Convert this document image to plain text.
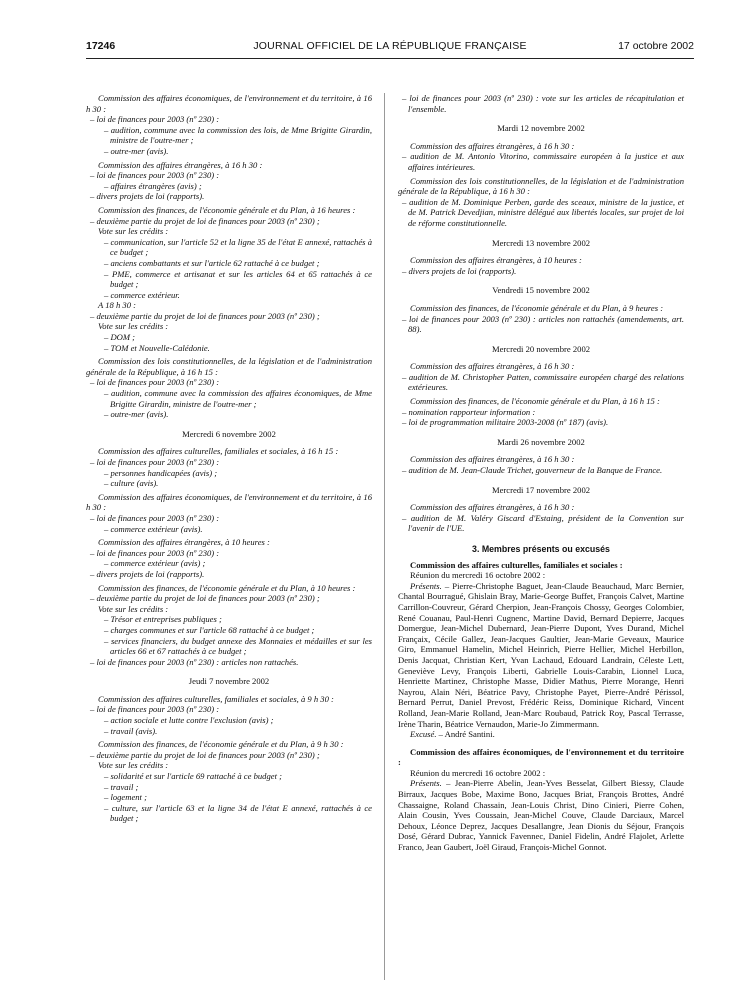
17246	JOURNAL OFFICIEL DE LA RÉPUBLIQUE FRANÇAISE	17 octobre 2002

Commission des affaires économiques, de l'environnement et du territoire, à 16 h 30 :

– loi de finances pour 2003 (nº 230) :

– audition, commune avec la commission des lois, de Mme Brigitte Girardin, ministre de l'outre-mer ;

– outre-mer (avis).

Commission des affaires étrangères, à 16 h 30 :

– loi de finances pour 2003 (nº 230) :

– affaires étrangères (avis) ;

– divers projets de loi (rapports).

Commission des finances, de l'économie générale et du Plan, à 16 heures :

– deuxième partie du projet de loi de finances pour 2003 (nº 230) ;

Vote sur les crédits :

– communication, sur l'article 52 et la ligne 35 de l'état E annexé, rattachés à ce budget ;

– anciens combattants et sur l'article 62 rattaché à ce budget ;

– PME, commerce et artisanat et sur les articles 64 et 65 rattachés à ce budget ;

– commerce extérieur.

A 18 h 30 :

– deuxième partie du projet de loi de finances pour 2003 (nº 230) ;

Vote sur les crédits :

– DOM ;

– TOM et Nouvelle-Calédonie.

Commission des lois constitutionnelles, de la législation et de l'administration générale de la République, à 16 h 15 :

– loi de finances pour 2003 (nº 230) :

– audition, commune avec la commission des affaires économiques, de Mme Brigitte Girardin, ministre de l'outre-mer ;

– outre-mer (avis).

Mercredi 6 novembre 2002

Commission des affaires culturelles, familiales et sociales, à 16 h 15 :

– loi de finances pour 2003 (nº 230) :

– personnes handicapées (avis) ;

– culture (avis).

Commission des affaires économiques, de l'environnement et du territoire, à 16 h 30 :

– loi de finances pour 2003 (nº 230) :

– commerce extérieur (avis).

Commission des affaires étrangères, à 10 heures :

– loi de finances pour 2003 (nº 230) :

– commerce extérieur (avis) ;

– divers projets de loi (rapports).

Commission des finances, de l'économie générale et du Plan, à 10 heures :

– deuxième partie du projet de loi de finances pour 2003 (nº 230) ;

Vote sur les crédits :

– Trésor et entreprises publiques ;

– charges communes et sur l'article 68 rattaché à ce budget ;

– services financiers, du budget annexe des Monnaies et médailles et sur les articles 66 et 67 rattachés à ce budget ;

– loi de finances pour 2003 (nº 230) : articles non rattachés.

Jeudi 7 novembre 2002

Commission des affaires culturelles, familiales et sociales, à 9 h 30 :

– loi de finances pour 2003 (nº 230) :

– action sociale et lutte contre l'exclusion (avis) ;

– travail (avis).

Commission des finances, de l'économie générale et du Plan, à 9 h 30 :

– deuxième partie du projet de loi de finances pour 2003 (nº 230) ;

Vote sur les crédits :

– solidarité et sur l'article 69 rattaché à ce budget ;

– travail ;

– logement ;

– culture, sur l'article 63 et la ligne 34 de l'état E annexé, rattachés à ce budget ;

– loi de finances pour 2003 (nº 230) : vote sur les articles de récapitulation et l'ensemble.

Mardi 12 novembre 2002

Commission des affaires étrangères, à 16 h 30 :

– audition de M. Antonio Vitorino, commissaire européen à la justice et aux affaires intérieures.

Commission des lois constitutionnelles, de la législation et de l'administration générale de la République, à 16 h 30 :

– audition de M. Dominique Perben, garde des sceaux, ministre de la justice, et de M. Patrick Devedjian, ministre délégué aux libertés locales, sur projet de loi de réforme constitutionnelle.

Mercredi 13 novembre 2002

Commission des affaires étrangères, à 10 heures :

– divers projets de loi (rapports).

Vendredi 15 novembre 2002

Commission des finances, de l'économie générale et du Plan, à 9 heures :

– loi de finances pour 2003 (nº 230) : articles non rattachés (amendements, art. 88).

Mercredi 20 novembre 2002

Commission des affaires étrangères, à 16 h 30 :

– audition de M. Christopher Patten, commissaire européen chargé des relations extérieures.

Commission des finances, de l'économie générale et du Plan, à 16 h 15 :

– nomination rapporteur information :

– loi de programmation militaire 2003-2008 (nº 187) (avis).

Mardi 26 novembre 2002

Commission des affaires étrangères, à 16 h 30 :

– audition de M. Jean-Claude Trichet, gouverneur de la Banque de France.

Mercredi 17 novembre 2002

Commission des affaires étrangères, à 16 h 30 :

– audition de M. Valéry Giscard d'Estaing, président de la Convention sur l'avenir de l'UE.

3. Membres présents ou excusés

Commission des affaires culturelles, familiales et sociales :

Réunion du mercredi 16 octobre 2002 :

Présents. – Pierre-Christophe Baguet, Jean-Claude Beauchaud, Marc Bernier, Chantal Bourragué, Ghislain Bray, Marie-George Buffet, François Calvet, Martine Carrillon-Couvreur, Gérard Cherpion, Jean-François Chossy, Georges Colombier, René Couanau, Paul-Henri Cugnenc, Martine David, Bernard Depierre, Jacques Domergue, Jean-Michel Dubernard, Jean-Pierre Dupont, Yves Durand, Michel Françaix, Cécile Gallez, Jean-Jacques Gaultier, Jean-Marie Geveaux, Maurice Giro, Emmanuel Hamelin, Michel Heinrich, Pierre Hellier, Michel Herbillon, Denis Jacquat, Christian Kert, Yvan Lachaud, Edouard Landrain, Céleste Lett, Geneviève Levy, François Liberti, Gabrielle Louis-Carabin, Lionnel Luca, Henriette Martinez, Christophe Masse, Didier Mathus, Pierre Morange, Henri Nayrou, Alain Néri, Béatrice Pavy, Christophe Payet, Pierre-André Périssol, Bernard Perrut, Daniel Prevost, Frédéric Reiss, Dominique Richard, Vincent Rolland, Jean-Marie Rolland, Jean-Marc Roubaud, Patrick Roy, Pascal Terrasse, Irène Tharin, Béatrice Vernaudon, Marie-Jo Zimmermann.

Excusé. – André Santini.

Commission des affaires économiques, de l'environnement et du territoire :

Réunion du mercredi 16 octobre 2002 :

Présents. – Jean-Pierre Abelin, Jean-Yves Besselat, Gilbert Biessy, Claude Birraux, Jacques Bobe, Maxime Bono, Jacques Briat, François Brottes, André Chassaigne, Roland Chassain, Jean-Louis Christ, Dino Cinieri, Pierre Cohen, Alain Cousin, Yves Coussain, Jean-Michel Couve, Claude Darciaux, Marcel Dehoux, Léonce Deprez, Jacques Desallangre, Jean Dionis du Séjour, François Dosé, Gérard Dubrac, Yannick Favennec, Daniel Fidelin, André Flajolet, Arlette Franco, Jean Gaubert, Joël Giraud, François-Michel Gonnot.
